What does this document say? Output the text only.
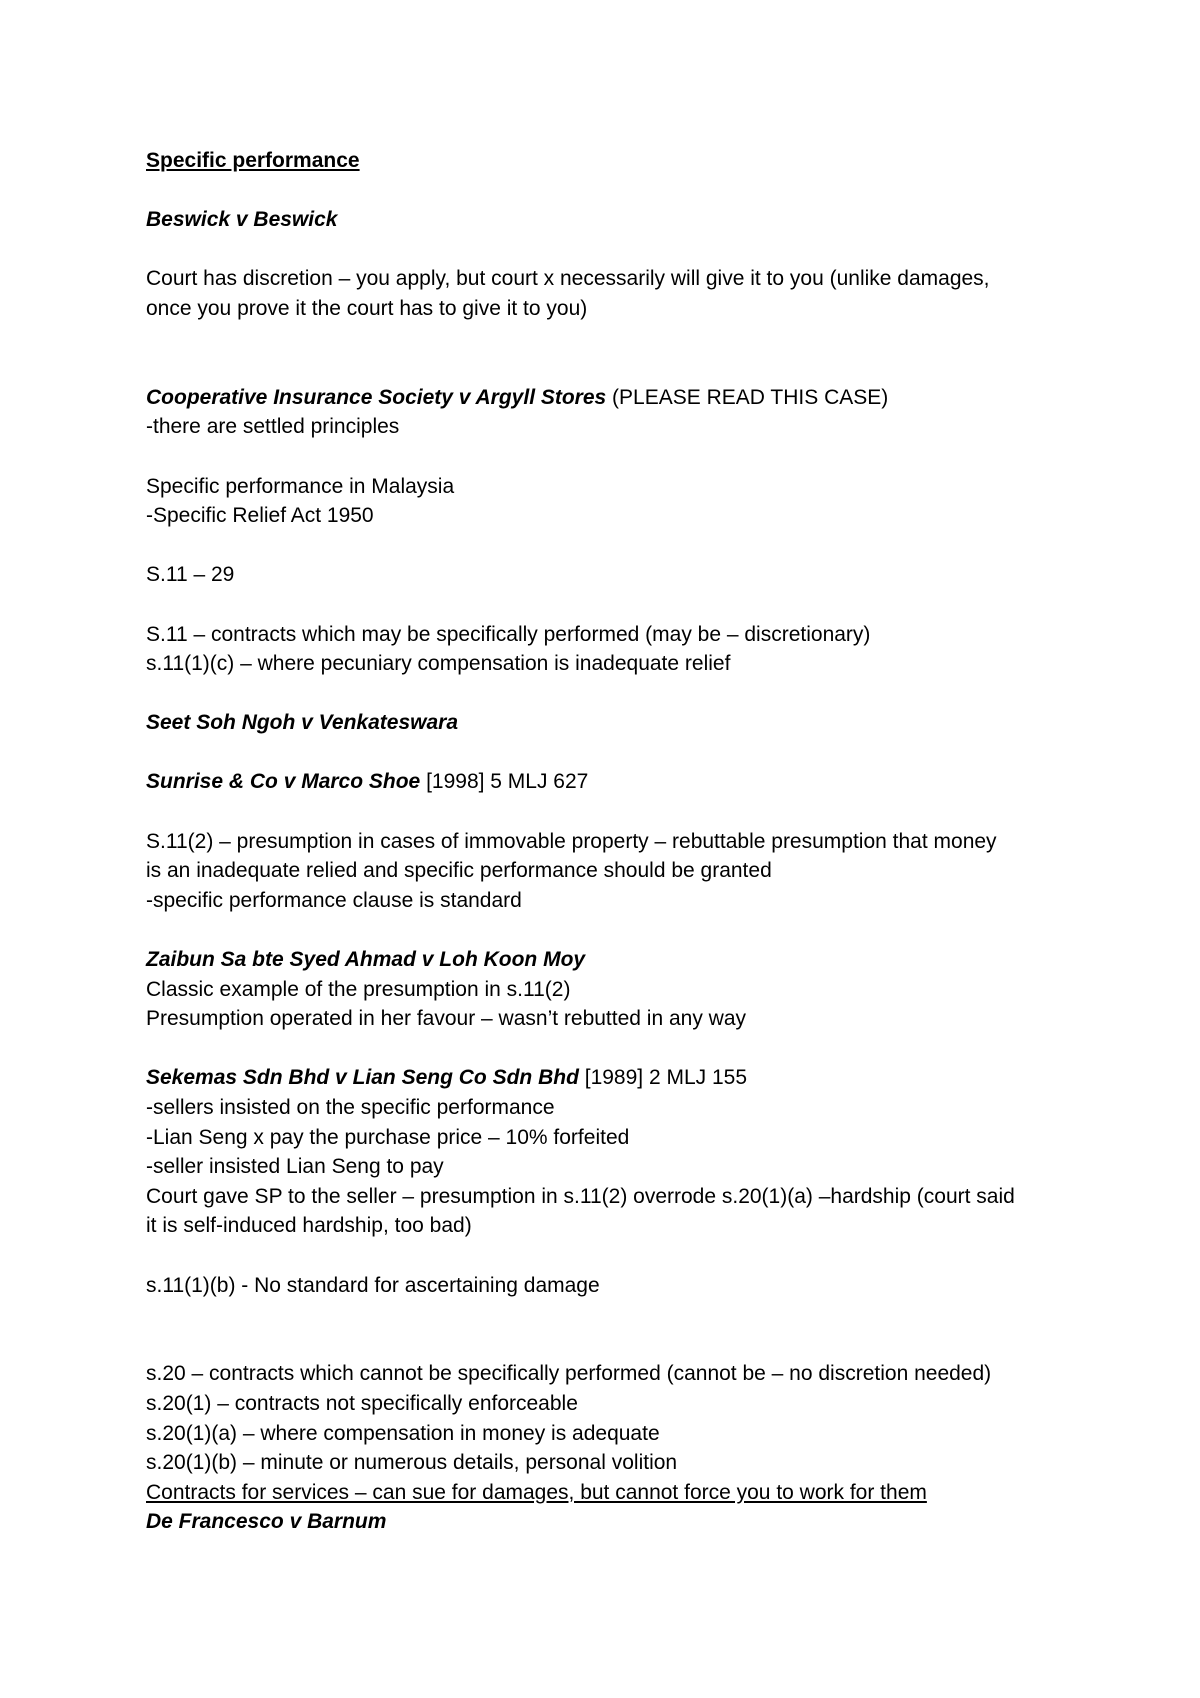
Specific performance
Beswick v Beswick
Court has discretion – you apply, but court x necessarily will give it to you (unlike damages,
once you prove it the court has to give it to you)
Cooperative Insurance Society v Argyll Stores (PLEASE READ THIS CASE)
-there are settled principles
Specific performance in Malaysia
-Specific Relief Act 1950
S.11 – 29
S.11 – contracts which may be specifically performed (may be – discretionary)
s.11(1)(c) – where pecuniary compensation is inadequate relief
Seet Soh Ngoh v Venkateswara
Sunrise & Co v Marco Shoe [1998] 5 MLJ 627
S.11(2) – presumption in cases of immovable property – rebuttable presumption that money
is an inadequate relied and specific performance should be granted
-specific performance clause is standard
Zaibun Sa bte Syed Ahmad v Loh Koon Moy
Classic example of the presumption in s.11(2)
Presumption operated in her favour – wasn’t rebutted in any way
Sekemas Sdn Bhd v Lian Seng Co Sdn Bhd [1989] 2 MLJ 155
-sellers insisted on the specific performance
-Lian Seng x pay the purchase price – 10% forfeited
-seller insisted Lian Seng to pay
Court gave SP to the seller – presumption in s.11(2) overrode s.20(1)(a) –hardship (court said
it is self-induced hardship, too bad)
s.11(1)(b) - No standard for ascertaining damage
s.20 – contracts which cannot be specifically performed (cannot be – no discretion needed)
s.20(1) – contracts not specifically enforceable
s.20(1)(a) – where compensation in money is adequate
s.20(1)(b) – minute or numerous details, personal volition
Contracts for services – can sue for damages, but cannot force you to work for them
De Francesco v Barnum
